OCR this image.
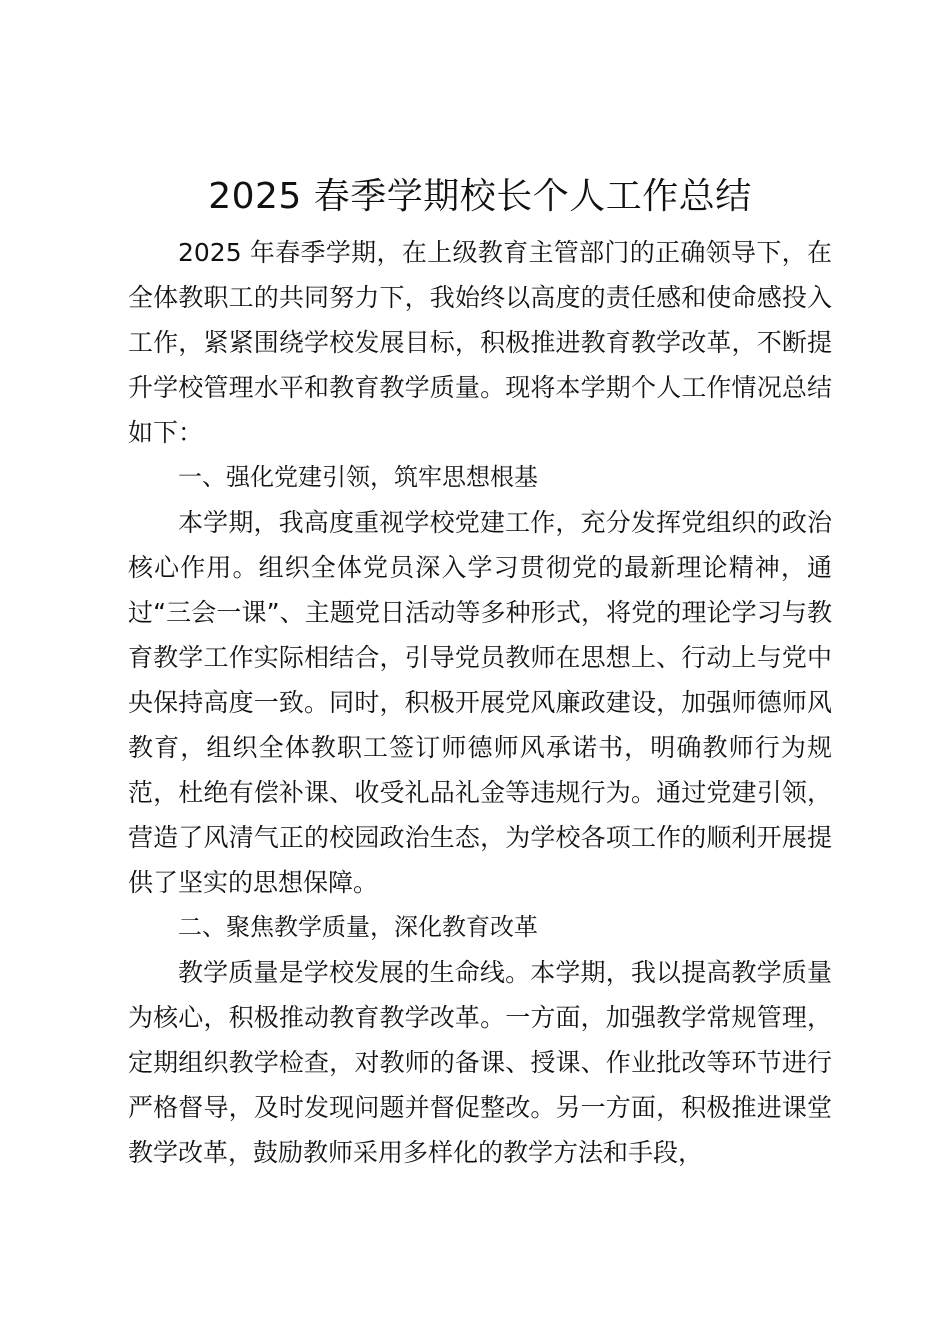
2025 春季学期校长个人工作总结

2025 年春季学期，在上级教育主管部门的正确领导下，在全体教职工的共同努力下，我始终以高度的责任感和使命感投入工作，紧紧围绕学校发展目标，积极推进教育教学改革，不断提升学校管理水平和教育教学质量。现将本学期个人工作情况总结如下：

一、强化党建引领，筑牢思想根基

本学期，我高度重视学校党建工作，充分发挥党组织的政治核心作用。组织全体党员深入学习贯彻党的最新理论精神，通过“三会一课”、主题党日活动等多种形式，将党的理论学习与教育教学工作实际相结合，引导党员教师在思想上、行动上与党中央保持高度一致。同时，积极开展党风廉政建设，加强师德师风教育，组织全体教职工签订师德师风承诺书，明确教师行为规范，杜绝有偿补课、收受礼品礼金等违规行为。通过党建引领，营造了风清气正的校园政治生态，为学校各项工作的顺利开展提供了坚实的思想保障。

二、聚焦教学质量，深化教育改革

教学质量是学校发展的生命线。本学期，我以提高教学质量为核心，积极推动教育教学改革。一方面，加强教学常规管理，定期组织教学检查，对教师的备课、授课、作业批改等环节进行严格督导，及时发现问题并督促整改。另一方面，积极推进课堂教学改革，鼓励教师采用多样化的教学方法和手段，
